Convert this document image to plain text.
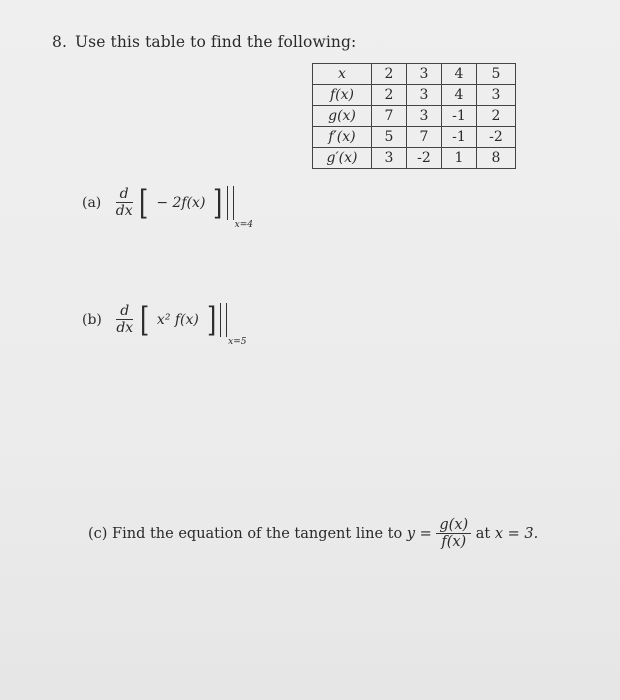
8. Use this table to find the following:
x	2	3	4	5
f(x)	2	3	4	3
g(x)	7	3	-1	2
f′(x)	5	7	-1	-2
g′(x)	3	-2	1	8
$(a) \frac{d}{dx}$ [ − 2f(x) ]x=4
$(b) \frac{d}{dx}$ [ x² f(x) ]x=5
(c) Find the equation of the tangent line to $y = \frac{g(x)}{f(x)}$ at x = 3.
